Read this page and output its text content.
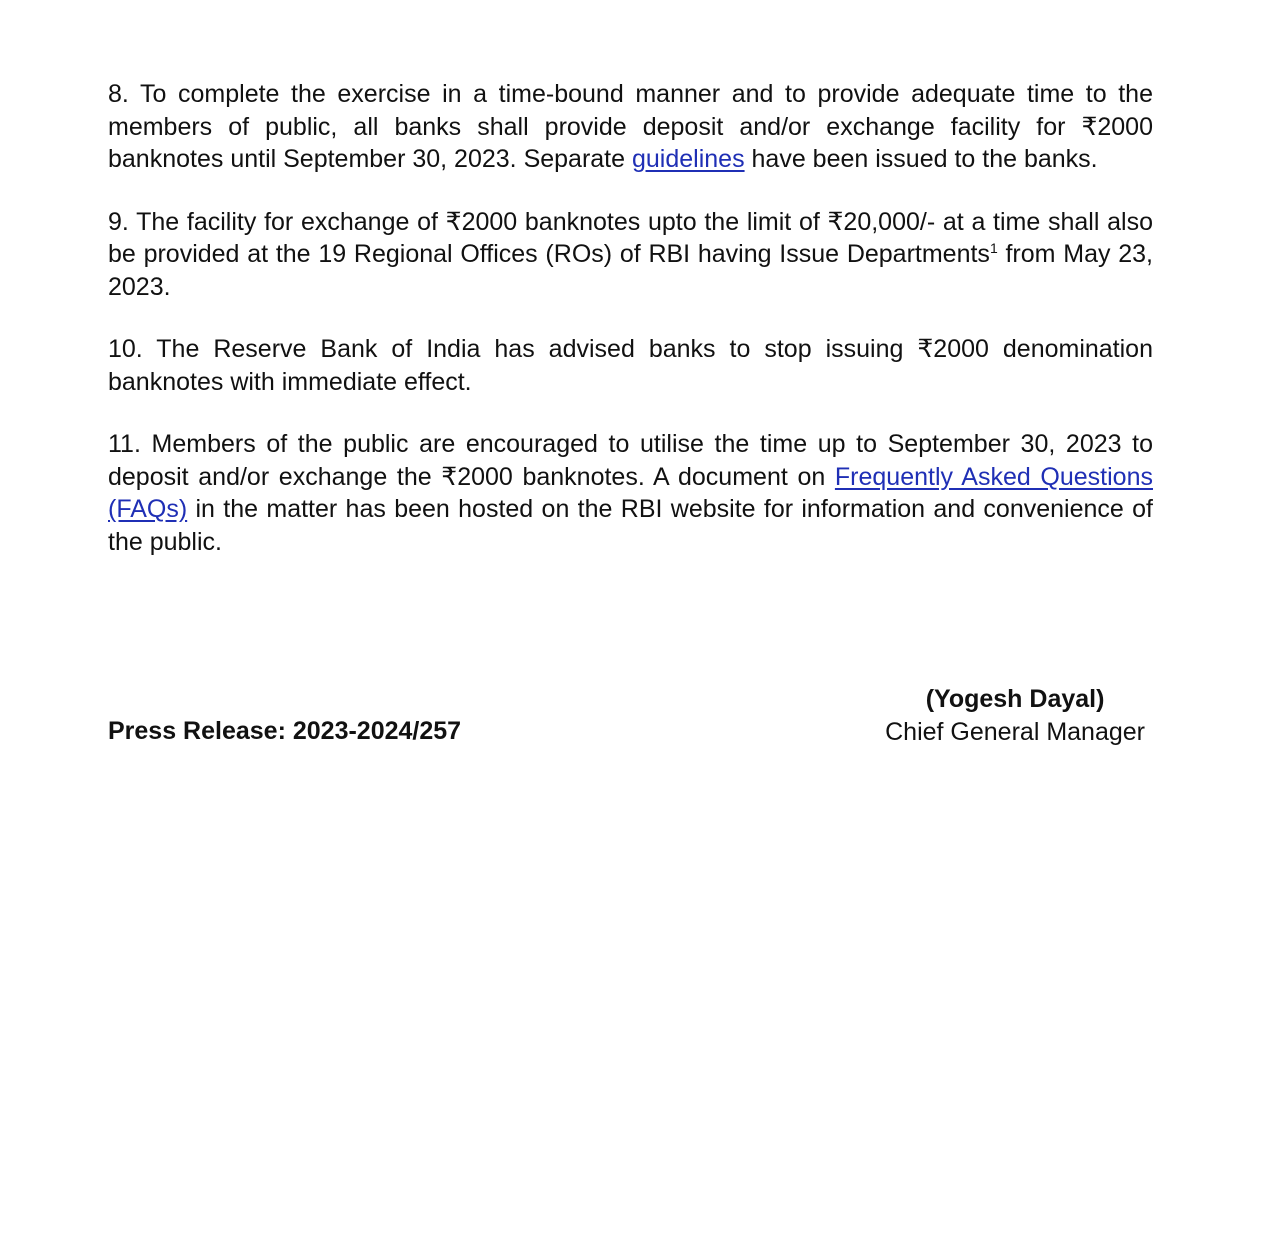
8. To complete the exercise in a time-bound manner and to provide adequate time to the members of public, all banks shall provide deposit and/or exchange facility for ₹2000 banknotes until September 30, 2023. Separate guidelines have been issued to the banks.

9. The facility for exchange of ₹2000 banknotes upto the limit of ₹20,000/- at a time shall also be provided at the 19 Regional Offices (ROs) of RBI having Issue Departments$^1$ from May 23, 2023.

10. The Reserve Bank of India has advised banks to stop issuing ₹2000 denomination banknotes with immediate effect.

11. Members of the public are encouraged to utilise the time up to September 30, 2023 to deposit and/or exchange the ₹2000 banknotes. A document on Frequently Asked Questions (FAQs) in the matter has been hosted on the RBI website for information and convenience of the public.

Press Release: 2023-2024/257
(Yogesh Dayal)
Chief General Manager
